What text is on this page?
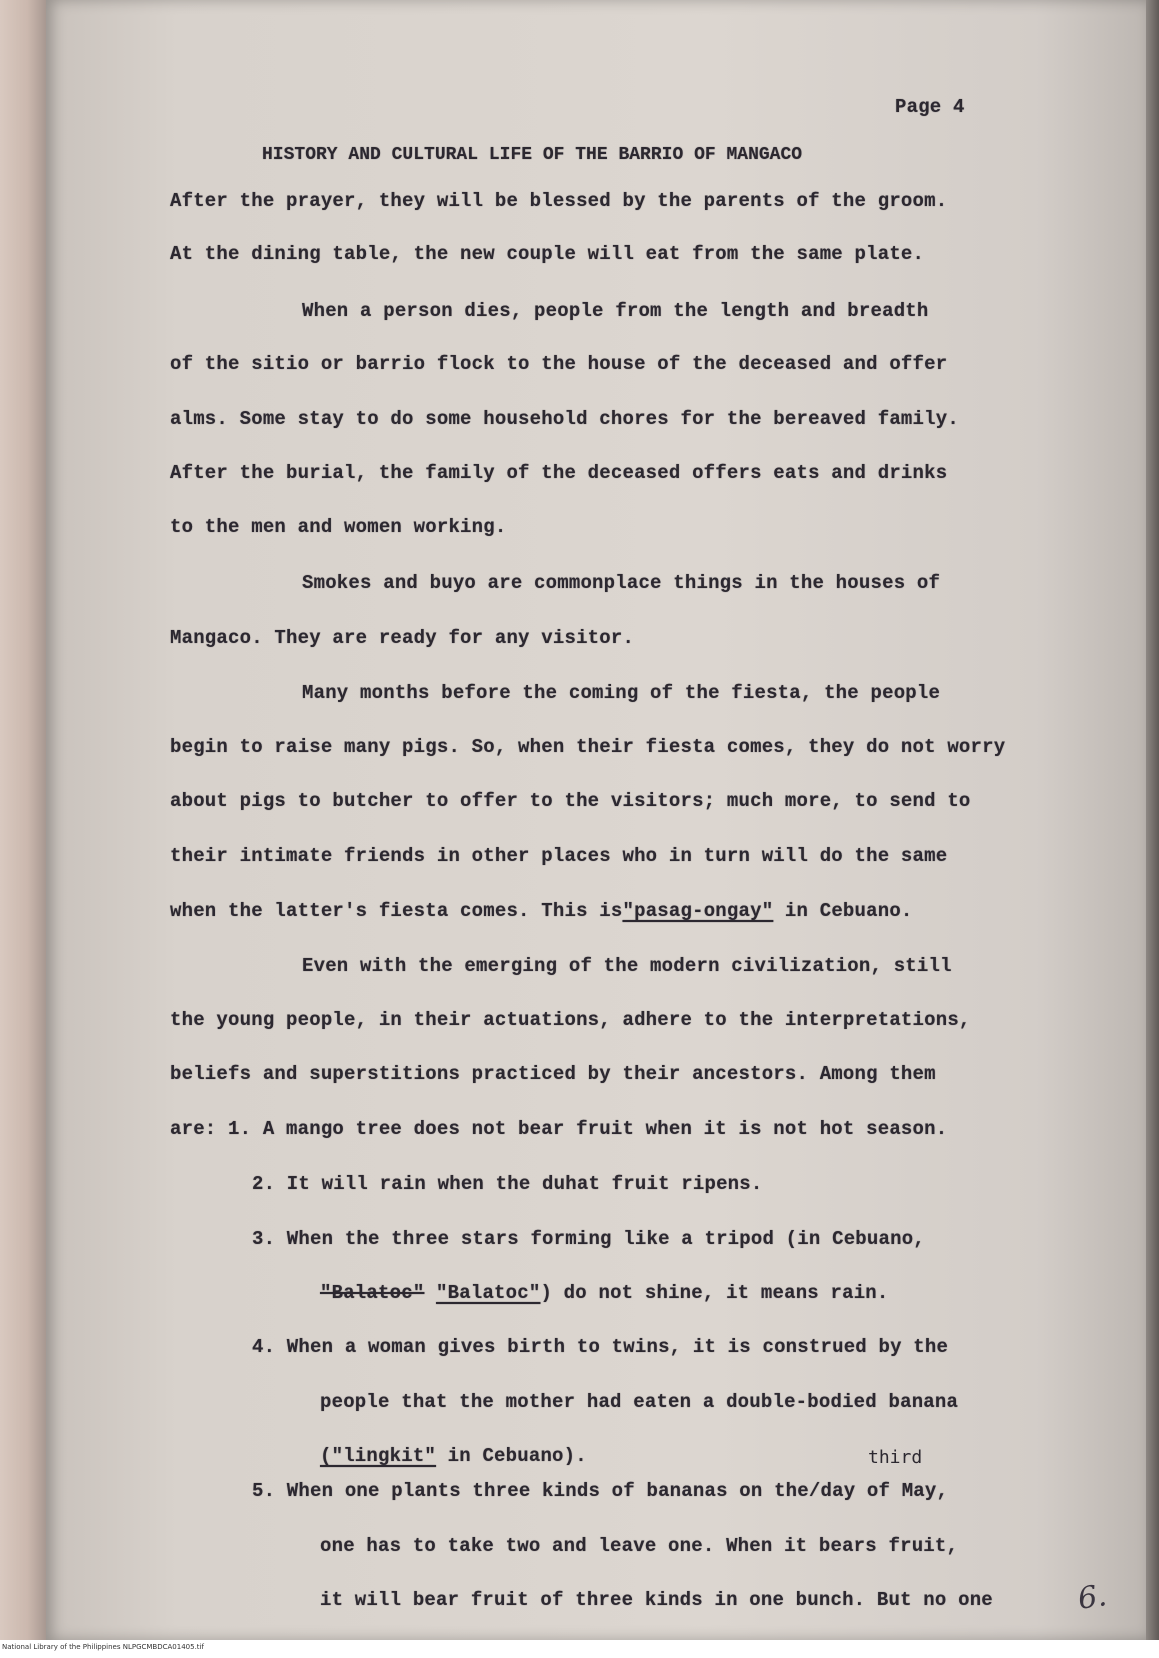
Page 4
HISTORY AND CULTURAL LIFE OF THE BARRIO OF MANGACO
After the prayer, they will be blessed by the parents of the groom.
At the dining table, the new couple will eat from the same plate.
When a person dies, people from the length and breadth
of the sitio or barrio flock to the house of the deceased and offer
alms. Some stay to do some household chores for the bereaved family.
After the burial, the family of the deceased offers eats and drinks
to the men and women working.
Smokes and buyo are commonplace things in the houses of
Mangaco. They are ready for any visitor.
Many months before the coming of the fiesta, the people
begin to raise many pigs. So, when their fiesta comes, they do not worry
about pigs to butcher to offer to the visitors; much more, to send to
their intimate friends in other places who in turn will do the same
when the latter's fiesta comes. This is"pasag-ongay" in Cebuano.
Even with the emerging of the modern civilization, still
the young people, in their actuations, adhere to the interpretations,
beliefs and superstitions practiced by their ancestors. Among them
are: 1. A mango tree does not bear fruit when it is not hot season.
2. It will rain when the duhat fruit ripens.
3. When the three stars forming like a tripod (in Cebuano,
"Balatoc" "Balatoc") do not shine, it means rain.
4. When a woman gives birth to twins, it is construed by the
people that the mother had eaten a double-bodied banana
("lingkit" in Cebuano).	third
5. When one plants three kinds of bananas on the/day of May,
one has to take two and leave one. When it bears fruit,
it will bear fruit of three kinds in one bunch. But no one	6.
National Library of the Philippines NLPGCMBDCA01405.tif
